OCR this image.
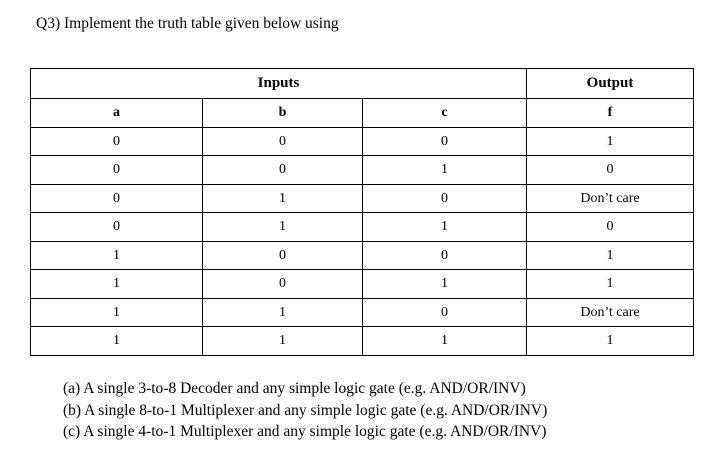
Q3) Implement the truth table given below using

Inputs			Output
a	b	c	f
0	0	0	1
0	0	1	0
0	1	0	Don’t care
0	1	1	0
1	0	0	1
1	0	1	1
1	1	0	Don’t care
1	1	1	1
(a) A single 3-to-8 Decoder and any simple logic gate (e.g. AND/OR/INV)
(b) A single 8-to-1 Multiplexer and any simple logic gate (e.g. AND/OR/INV)
(c) A single 4-to-1 Multiplexer and any simple logic gate (e.g. AND/OR/INV)
